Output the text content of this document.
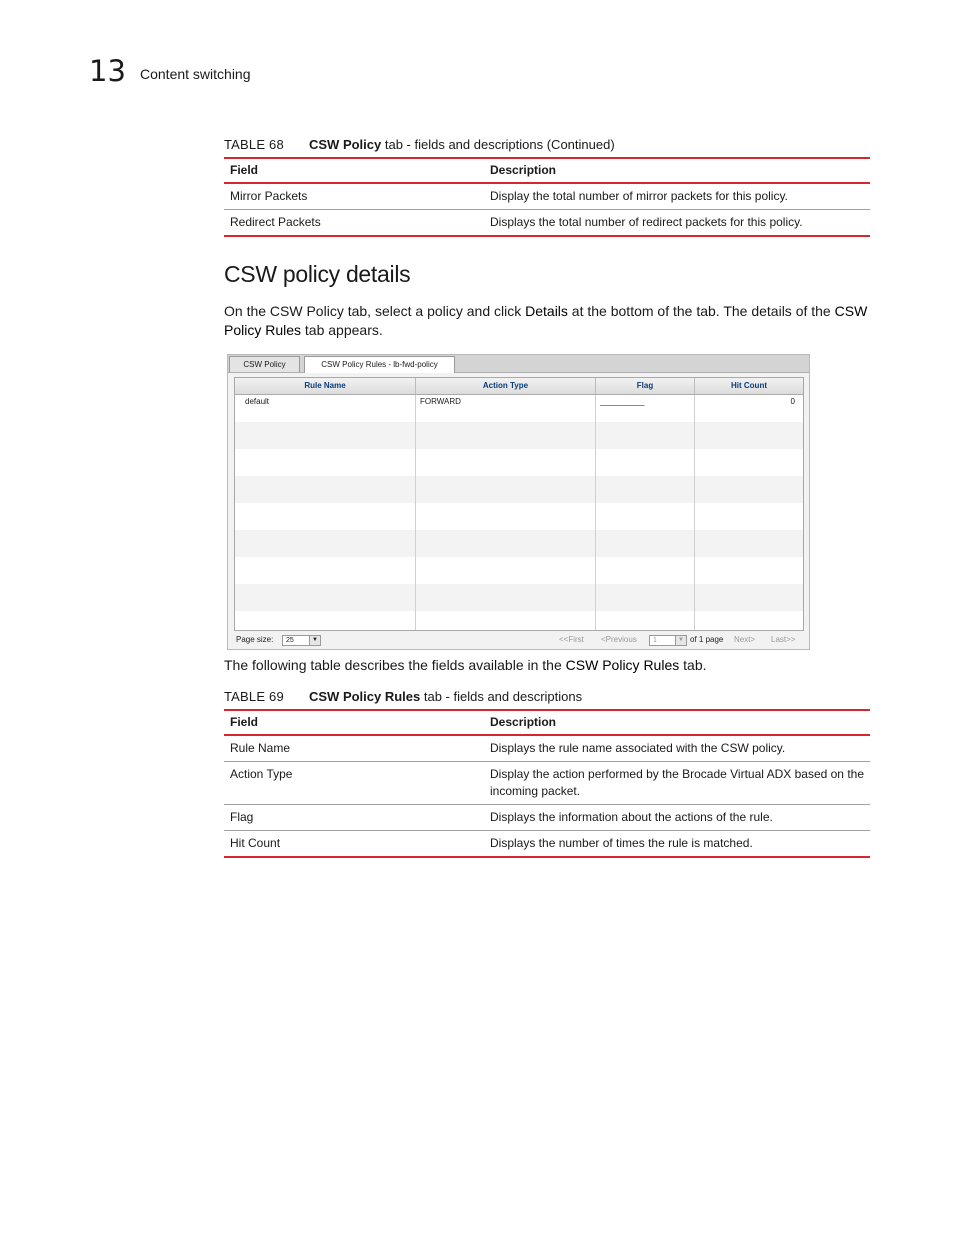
13 Content switching
TABLE 68 CSW Policy tab - fields and descriptions (Continued)
Field	Description
Mirror Packets	Display the total number of mirror packets for this policy.
Redirect Packets	Displays the total number of redirect packets for this policy.
CSW policy details

On the CSW Policy tab, select a policy and click Details at the bottom of the tab. The details of the CSW Policy Rules tab appears.

CSW Policy	CSW Policy Rules - lb-fwd-policy
Rule Name	Action Type	Flag	Hit Count
default	FORWARD	__________	0
Page size:	25	▼	<<First <Previous	1	▼ of 1 page Next> Last>>

The following table describes the fields available in the CSW Policy Rules tab.

TABLE 69 CSW Policy Rules tab - fields and descriptions
Field	Description
Rule Name	Displays the rule name associated with the CSW policy.
Action Type	Display the action performed by the Brocade Virtual ADX based on the incoming packet.
Flag	Displays the information about the actions of the rule.
Hit Count	Displays the number of times the rule is matched.
